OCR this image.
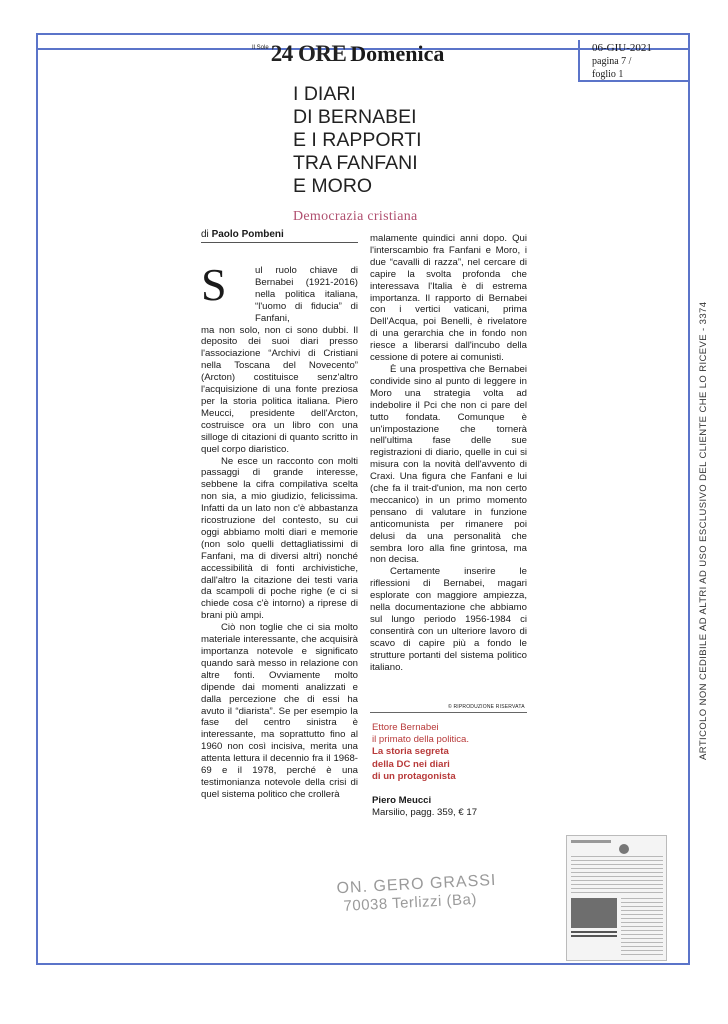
Il Sole 24 ORE Domenica	06-GIU-2021
pagina 7 /
foglio 1
I DIARI
DI BERNABEI
E I RAPPORTI
TRA FANFANI
E MORO
Democrazia cristiana
di Paolo Pombeni
S	ul ruolo chiave di Bernabei (1921-2016) nella politica italiana, “l'uomo di fiducia” di Fanfani,

ma non solo, non ci sono dubbi. Il deposito dei suoi diari presso l'associazione “Archivi di Cristiani nella Toscana del Novecento” (Arcton) costituisce senz'altro l'acquisizione di una fonte preziosa per la storia politica italiana. Piero Meucci, presidente dell'Arcton, costruisce ora un libro con una silloge di citazioni di quanto scritto in quel corpo diaristico.

Ne esce un racconto con molti passaggi di grande interesse, sebbene la cifra compilativa scelta non sia, a mio giudizio, felicissima. Infatti da un lato non c'è abbastanza ricostruzione del contesto, su cui oggi abbiamo molti diari e memorie (non solo quelli dettagliatissimi di Fanfani, ma di diversi altri) nonché accessibilità di fonti archivistiche, dall'altro la citazione dei testi varia da scampoli di poche righe (e ci si chiede cosa c'è intorno) a riprese di brani più ampi.

Ciò non toglie che ci sia molto materiale interessante, che acquisirà importanza notevole e significato quando sarà messo in relazione con altre fonti. Ovviamente molto dipende dai momenti analizzati e dalla percezione che di essi ha avuto il “diarista”. Se per esempio la fase del centro sinistra è interessante, ma soprattutto fino al 1960 non così incisiva, merita una attenta lettura il decennio fra il 1968-69 e il 1978, perché è una testimonianza notevole della crisi di quel sistema politico che crollerà

malamente quindici anni dopo. Qui l'interscambio fra Fanfani e Moro, i due “cavalli di razza”, nel cercare di capire la svolta profonda che interessava l'Italia è di estrema importanza. Il rapporto di Bernabei con i vertici vaticani, prima Dell'Acqua, poi Benelli, è rivelatore di una gerarchia che in fondo non riesce a liberarsi dall'incubo della cessione di potere ai comunisti.

È una prospettiva che Bernabei condivide sino al punto di leggere in Moro una strategia volta ad indebolire il Pci che non ci pare del tutto fondata. Comunque è un'impostazione che tornerà nell'ultima fase delle sue registrazioni di diario, quelle in cui si misura con la novità dell'avvento di Craxi. Una figura che Fanfani e lui (che fa il trait-d'union, ma non certo meccanico) in un primo momento pensano di valutare in funzione anticomunista per rimanere poi delusi da una personalità che sembra loro alla fine grintosa, ma non decisa.

Certamente inserire le riflessioni di Bernabei, magari esplorate con maggiore ampiezza, nella documentazione che abbiamo sul lungo periodo 1956-1984 ci consentirà con un ulteriore lavoro di scavo di capire più a fondo le strutture portanti del sistema politico italiano.

© RIPRODUZIONE RISERVATA
Ettore Bernabei
il primato della politica.
La storia segreta
della DC nei diari
di un protagonista
Piero Meucci
Marsilio, pagg. 359, € 17
ON. GERO GRASSI
70038 Terlizzi (Ba)
ARTICOLO NON CEDIBILE AD ALTRI AD USO ESCLUSIVO DEL CLIENTE CHE LO RICEVE - 3374
